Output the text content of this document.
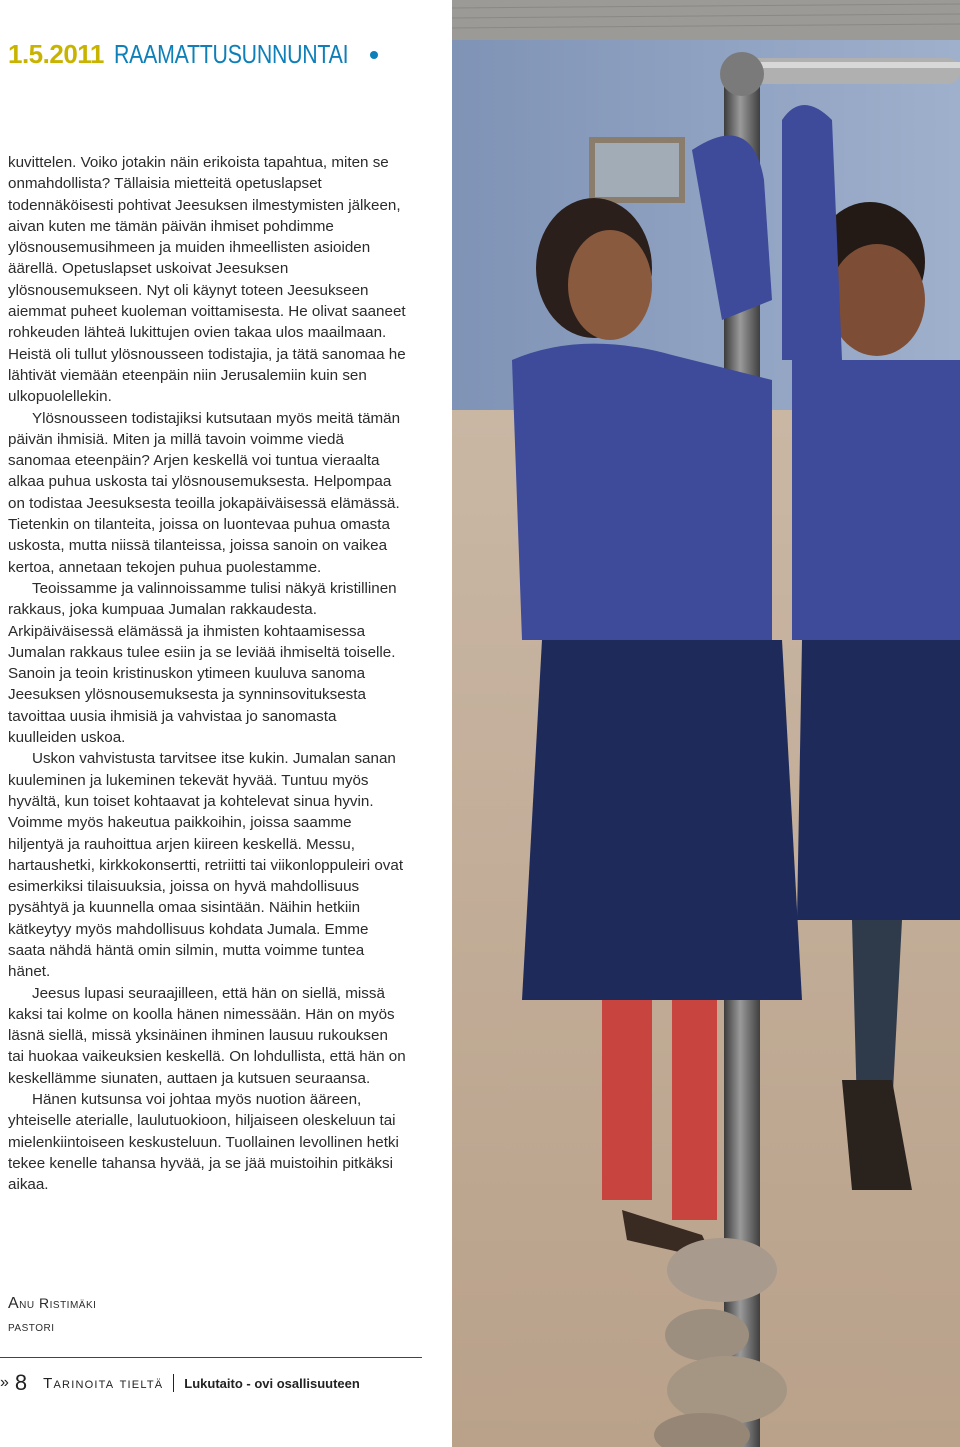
1.5.2011 RAAMATTUSUNNUNTAI

kuvittelen. Voiko jotakin näin erikoista tapahtua, miten se onmahdollista? Tällaisia mietteitä opetuslapset todennäköisesti pohtivat Jeesuksen ilmestymisten jälkeen, aivan kuten me tämän päivän ihmiset pohdimme ylösnousemusihmeen ja muiden ihmeellisten asioiden äärellä. Opetuslapset uskoivat Jeesuksen ylösnousemukseen. Nyt oli käynyt toteen Jeesukseen aiemmat puheet kuoleman voittamisesta. He olivat saaneet rohkeuden lähteä lukittujen ovien takaa ulos maailmaan. Heistä oli tullut ylösnousseen todistajia, ja tätä sanomaa he lähtivät viemään eteenpäin niin Jerusalemiin kuin sen ulkopuolellekin.

Ylösnousseen todistajiksi kutsutaan myös meitä tämän päivän ihmisiä. Miten ja millä tavoin voimme viedä sanomaa eteenpäin? Arjen keskellä voi tuntua vieraalta alkaa puhua uskosta tai ylösnousemuksesta. Helpompaa on todistaa Jeesuksesta teoilla jokapäiväisessä elämässä. Tietenkin on tilanteita, joissa on luontevaa puhua omasta uskosta, mutta niissä tilanteissa, joissa sanoin on vaikea kertoa, annetaan tekojen puhua puolestamme.

Teoissamme ja valinnoissamme tulisi näkyä kristillinen rakkaus, joka kumpuaa Jumalan rakkaudesta. Arkipäiväisessä elämässä ja ihmisten kohtaamisessa Jumalan rakkaus tulee esiin ja se leviää ihmiseltä toiselle. Sanoin ja teoin kristinuskon ytimeen kuuluva sanoma Jeesuksen ylösnousemuksesta ja synninsovituksesta tavoittaa uusia ihmisiä ja vahvistaa jo sanomasta kuulleiden uskoa.

Uskon vahvistusta tarvitsee itse kukin. Jumalan sanan kuuleminen ja lukeminen tekevät hyvää. Tuntuu myös hyvältä, kun toiset kohtaavat ja kohtelevat sinua hyvin. Voimme myös hakeutua paikkoihin, joissa saamme hiljentyä ja rauhoittua arjen kiireen keskellä. Messu, hartaushetki, kirkkokonsertti, retriitti tai viikonloppuleiri ovat esimerkiksi tilaisuuksia, joissa on hyvä mahdollisuus pysähtyä ja kuunnella omaa sisintään. Näihin hetkiin kätkeytyy myös mahdollisuus kohdata Jumala. Emme saata nähdä häntä omin silmin, mutta voimme tuntea hänet.

Jeesus lupasi seuraajilleen, että hän on siellä, missä kaksi tai kolme on koolla hänen nimessään. Hän on myös läsnä siellä, missä yksinäinen ihminen lausuu rukouksen tai huokaa vaikeuksien keskellä. On lohdullista, että hän on keskellämme siunaten, auttaen ja kutsuen seuraansa.

Hänen kutsunsa voi johtaa myös nuotion ääreen, yhteiselle aterialle, laulutuokioon, hiljaiseen oleskeluun tai mielenkiintoiseen keskusteluun. Tuollainen levollinen hetki tekee kenelle tahansa hyvää, ja se jää muistoihin pitkäksi aikaa.

Anu Ristimäki
pastori
» 8 Tarinoita tieltä Lukutaito - ovi osallisuuteen
